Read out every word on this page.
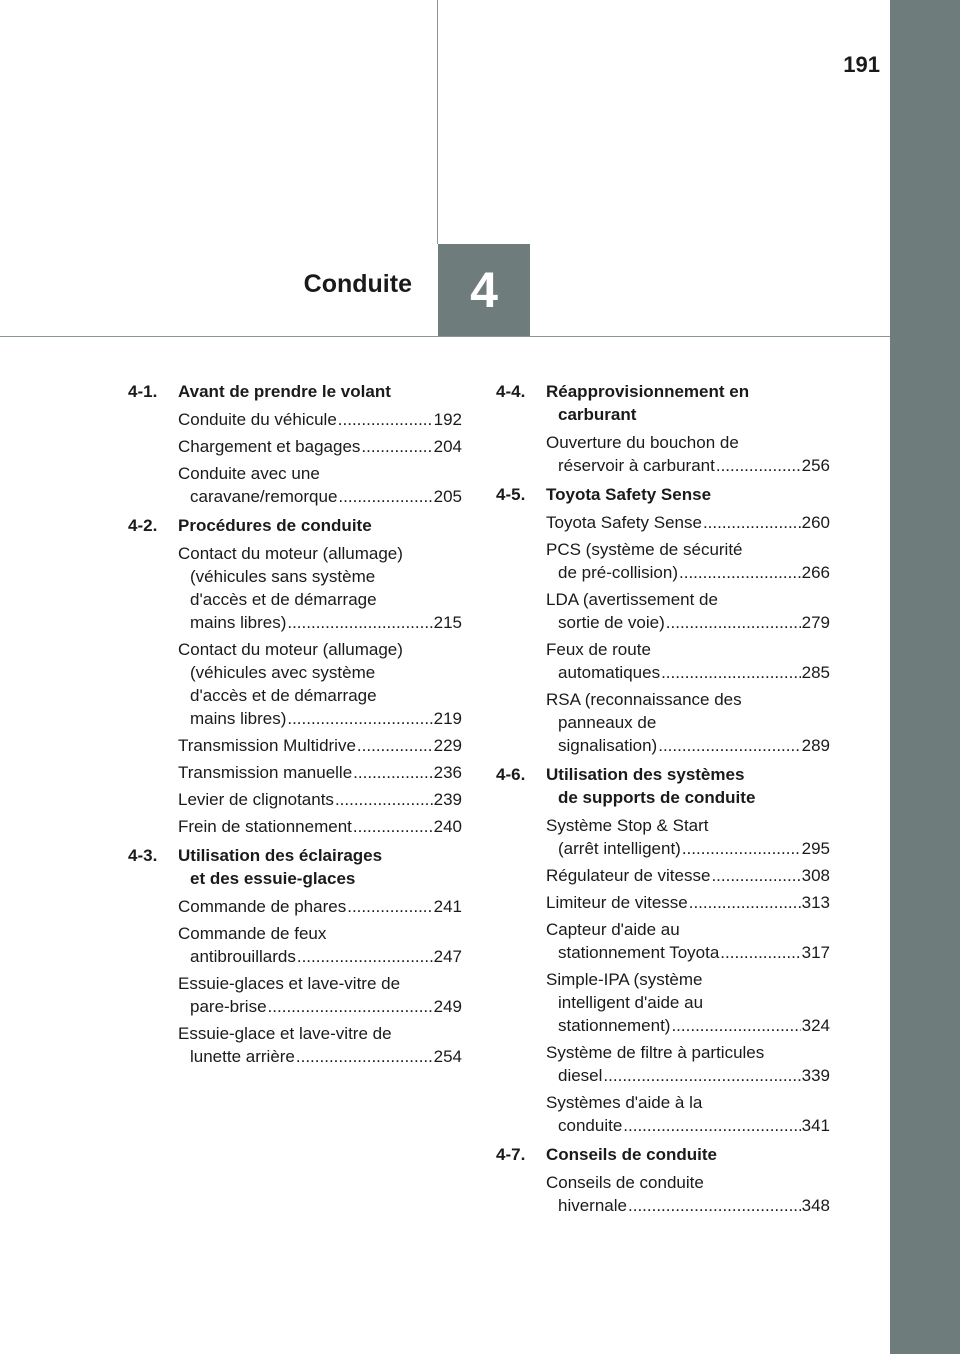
191
Conduite 4
4-1.	Avant de prendre le volant
Conduite du véhicule .....	192
Chargement et bagages .....	204
Conduite avec une
caravane/remorque .....	205
4-2.	Procédures de conduite
Contact du moteur (allumage)
(véhicules sans système
d'accès et de démarrage
mains libres) .....	215
Contact du moteur (allumage)
(véhicules avec système
d'accès et de démarrage
mains libres) .....	219
Transmission Multidrive .....	229
Transmission manuelle .....	236
Levier de clignotants .....	239
Frein de stationnement .....	240
4-3.	Utilisation des éclairages
et des essuie-glaces
Commande de phares .....	241
Commande de feux
antibrouillards .....	247
Essuie-glaces et lave-vitre de
pare-brise .....	249
Essuie-glace et lave-vitre de
lunette arrière .....	254
4-4.	Réapprovisionnement en
carburant
Ouverture du bouchon de
réservoir à carburant .....	256
4-5.	Toyota Safety Sense
Toyota Safety Sense .....	260
PCS (système de sécurité
de pré-collision) .....	266
LDA (avertissement de
sortie de voie) .....	279
Feux de route
automatiques .....	285
RSA (reconnaissance des
panneaux de
signalisation) .....	289
4-6.	Utilisation des systèmes
de supports de conduite
Système Stop & Start
(arrêt intelligent) .....	295
Régulateur de vitesse .....	308
Limiteur de vitesse .....	313
Capteur d'aide au
stationnement Toyota .....	317
Simple-IPA (système
intelligent d'aide au
stationnement) .....	324
Système de filtre à particules
diesel .....	339
Systèmes d'aide à la
conduite .....	341
4-7.	Conseils de conduite
Conseils de conduite
hivernale .....	348
